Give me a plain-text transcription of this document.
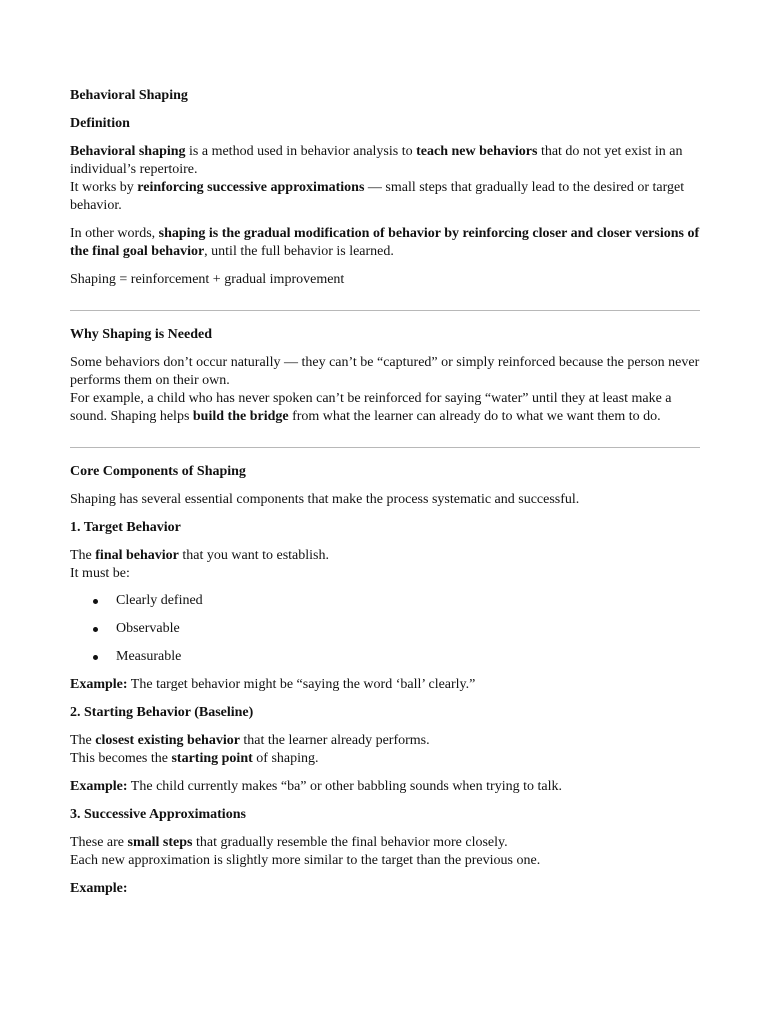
Behavioral Shaping

Definition

Behavioral shaping is a method used in behavior analysis to teach new behaviors that do not yet exist in an individual’s repertoire.
It works by reinforcing successive approximations — small steps that gradually lead to the desired or target behavior.

In other words, shaping is the gradual modification of behavior by reinforcing closer and closer versions of the final goal behavior, until the full behavior is learned.

Shaping = reinforcement + gradual improvement

Why Shaping is Needed

Some behaviors don’t occur naturally — they can’t be “captured” or simply reinforced because the person never performs them on their own.
For example, a child who has never spoken can’t be reinforced for saying “water” until they at least make a sound. Shaping helps build the bridge from what the learner can already do to what we want them to do.

Core Components of Shaping

Shaping has several essential components that make the process systematic and successful.

1. Target Behavior

The final behavior that you want to establish.
It must be:

Clearly defined
Observable
Measurable

Example: The target behavior might be “saying the word ‘ball’ clearly.”

2. Starting Behavior (Baseline)

The closest existing behavior that the learner already performs.
This becomes the starting point of shaping.

Example: The child currently makes “ba” or other babbling sounds when trying to talk.

3. Successive Approximations

These are small steps that gradually resemble the final behavior more closely.
Each new approximation is slightly more similar to the target than the previous one.

Example:
